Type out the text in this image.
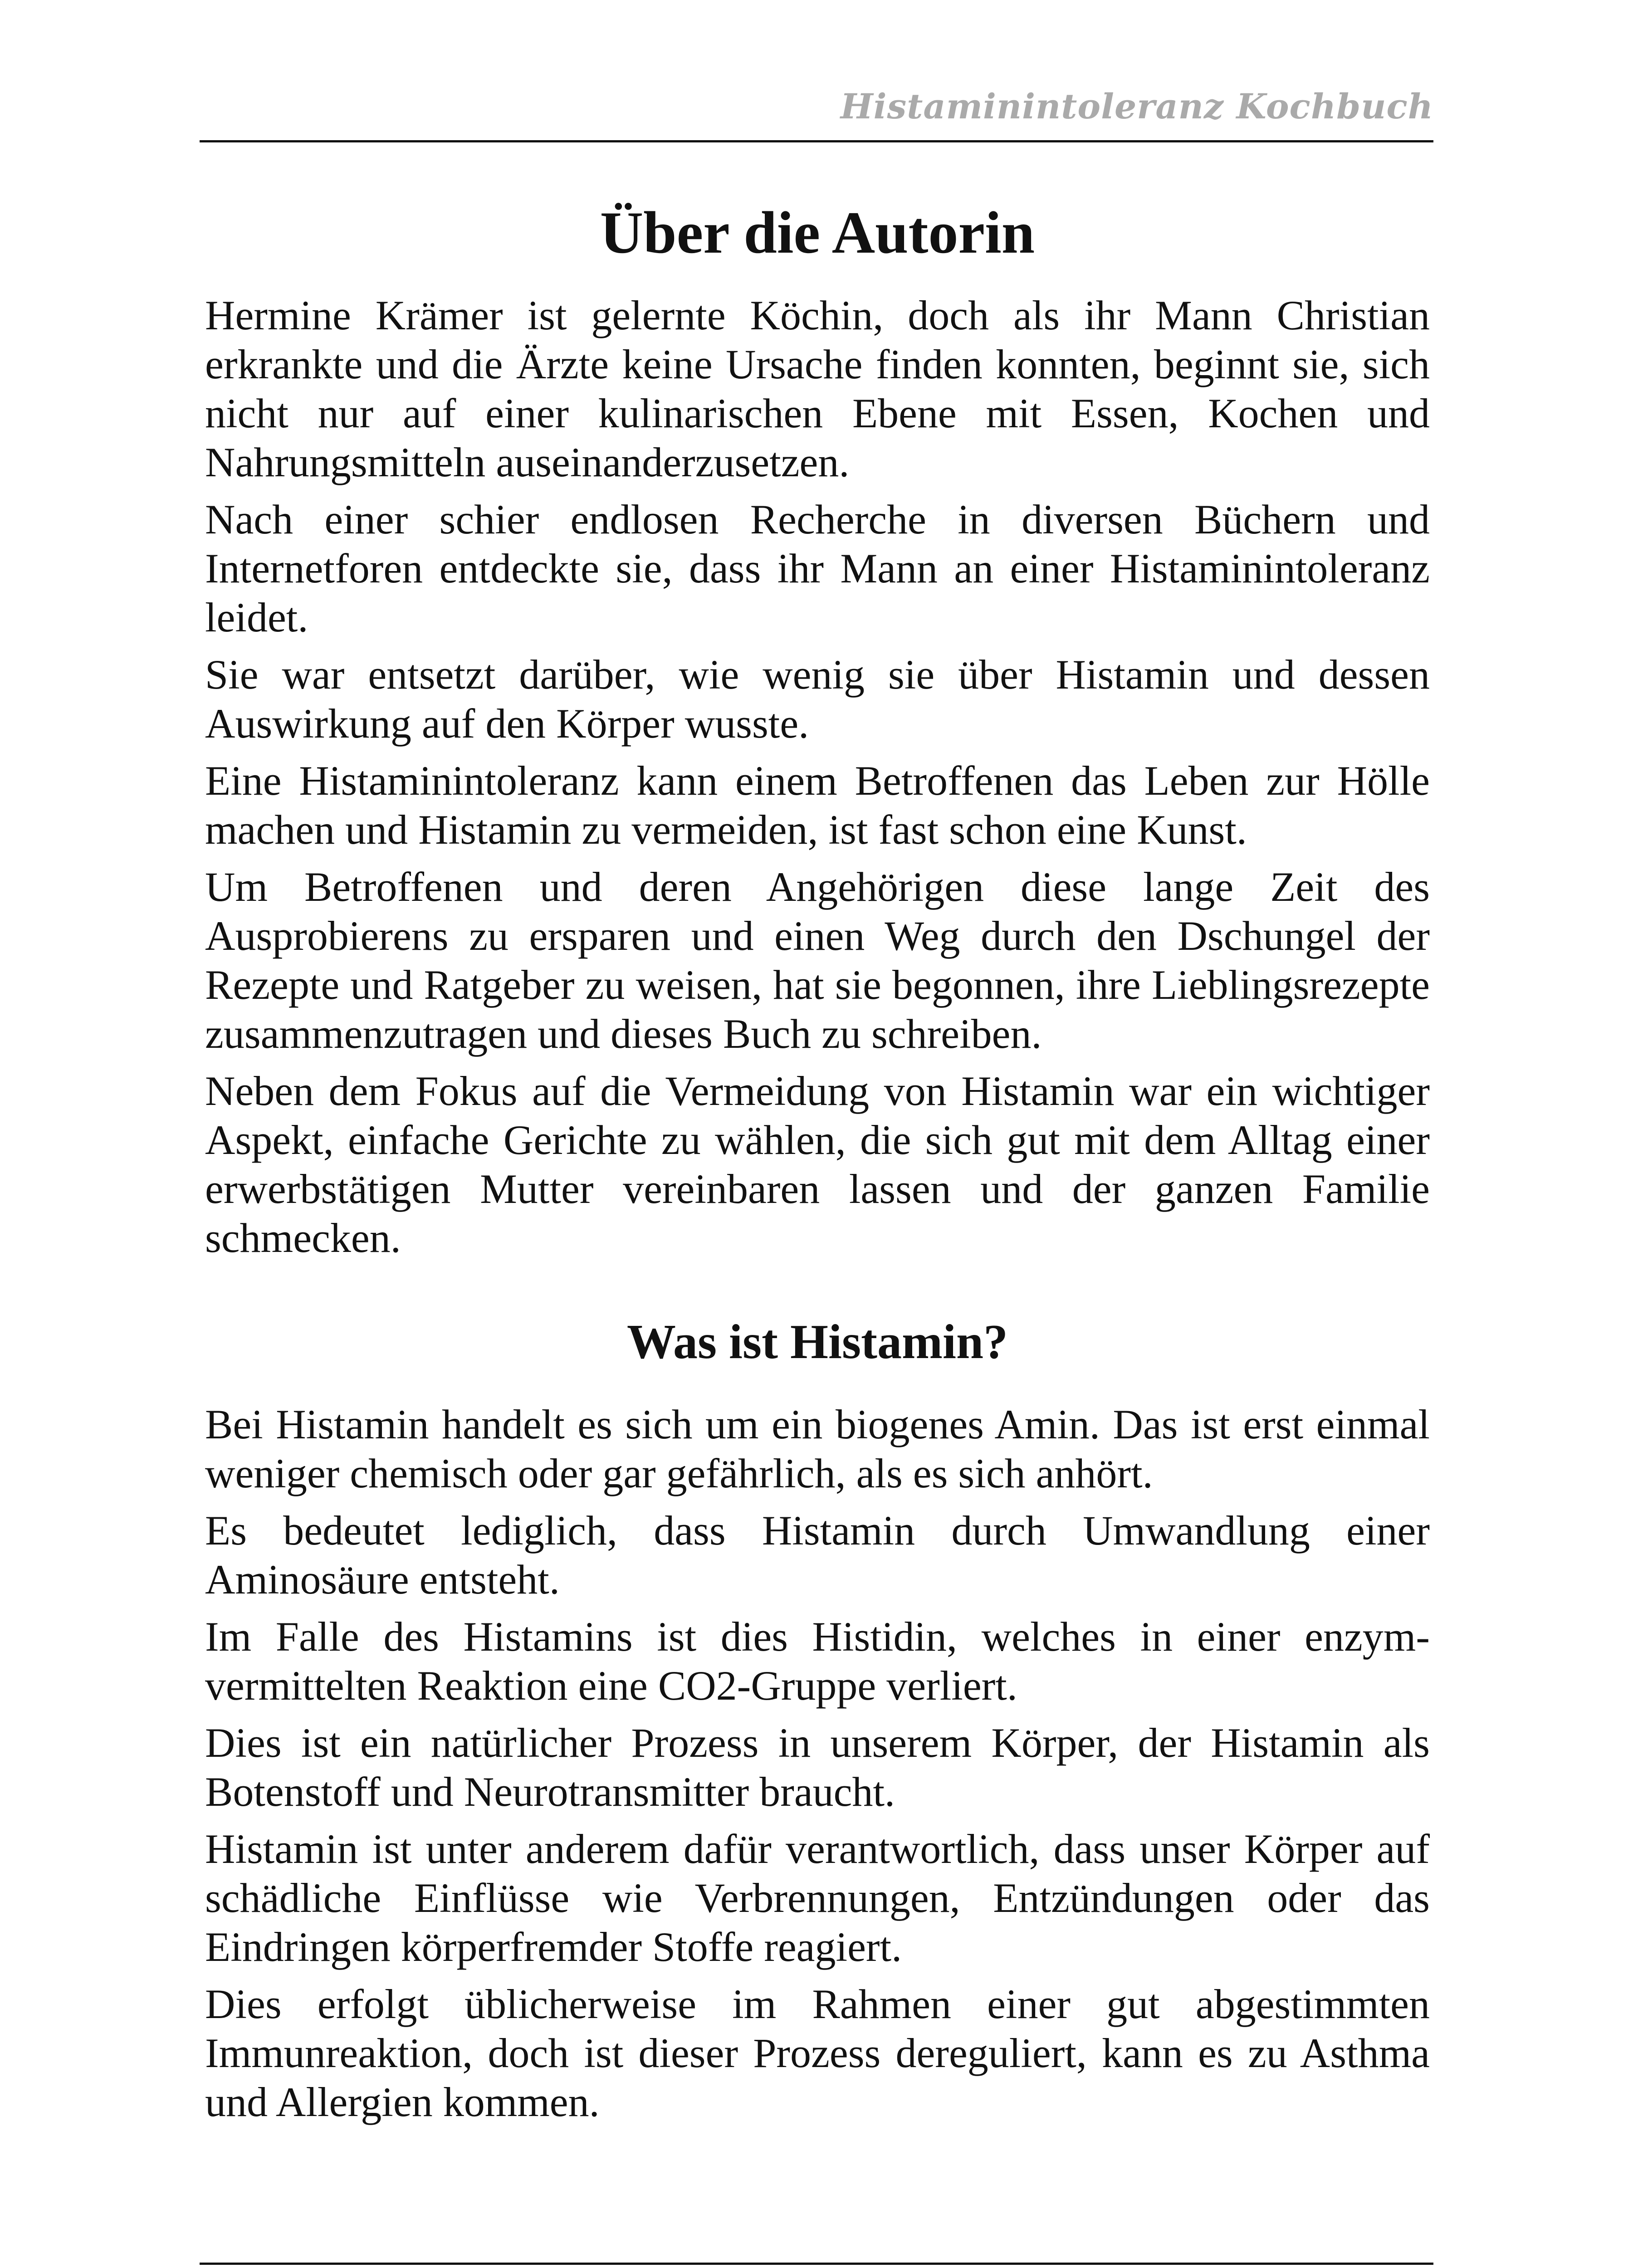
Histaminintoleranz Kochbuch
Über die Autorin

Hermine Krämer ist gelernte Köchin, doch als ihr Mann Christian erkrankte und die Ärzte keine Ursache finden konnten, beginnt sie, sich nicht nur auf einer kulinarischen Ebene mit Essen, Kochen und Nahrungsmitteln auseinanderzusetzen.

Nach einer schier endlosen Recherche in diversen Büchern und Internetforen entdeckte sie, dass ihr Mann an einer Histaminintoleranz leidet.

Sie war entsetzt darüber, wie wenig sie über Histamin und dessen Auswirkung auf den Körper wusste.

Eine Histaminintoleranz kann einem Betroffenen das Leben zur Hölle machen und Histamin zu vermeiden, ist fast schon eine Kunst.

Um Betroffenen und deren Angehörigen diese lange Zeit des Ausprobierens zu ersparen und einen Weg durch den Dschungel der Rezepte und Ratgeber zu weisen, hat sie begonnen, ihre Lieblingsrezepte zusammenzutragen und dieses Buch zu schreiben.

Neben dem Fokus auf die Vermeidung von Histamin war ein wichtiger Aspekt, einfache Gerichte zu wählen, die sich gut mit dem Alltag einer erwerbstätigen Mutter vereinbaren lassen und der ganzen Familie schmecken.

Was ist Histamin?

Bei Histamin handelt es sich um ein biogenes Amin. Das ist erst einmal weniger chemisch oder gar gefährlich, als es sich anhört.

Es bedeutet lediglich, dass Histamin durch Umwandlung einer Aminosäure entsteht.

Im Falle des Histamins ist dies Histidin, welches in einer enzym-vermittelten Reaktion eine CO2-Gruppe verliert.

Dies ist ein natürlicher Prozess in unserem Körper, der Histamin als Botenstoff und Neurotransmitter braucht.

Histamin ist unter anderem dafür verantwortlich, dass unser Körper auf schädliche Einflüsse wie Verbrennungen, Entzündungen oder das Eindringen körperfremder Stoffe reagiert.

Dies erfolgt üblicherweise im Rahmen einer gut abgestimmten Immunreaktion, doch ist dieser Prozess dereguliert, kann es zu Asthma und Allergien kommen.
